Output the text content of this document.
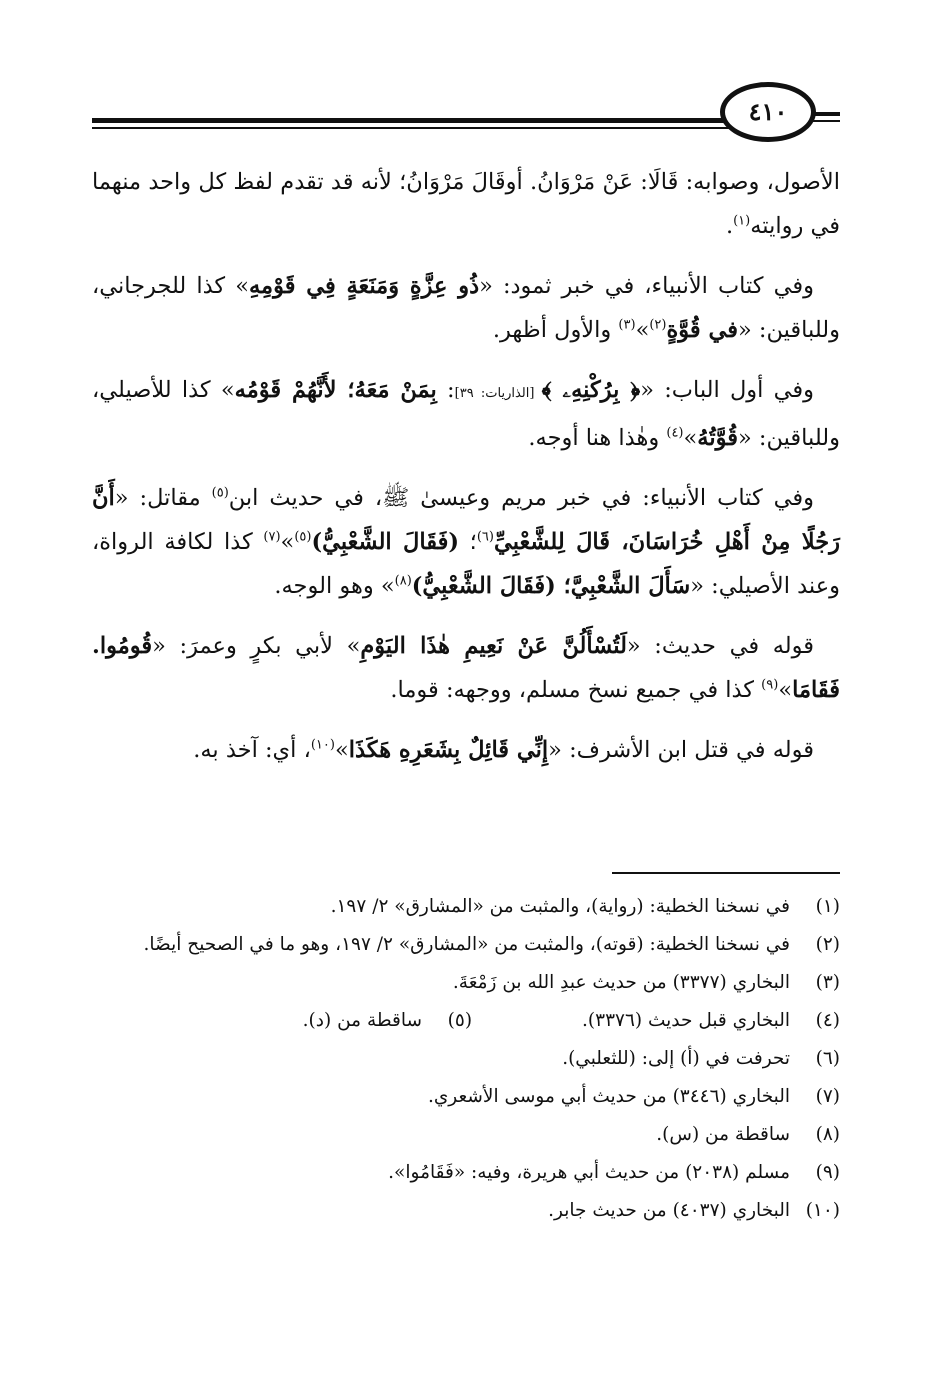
٤١٠

الأصول، وصوابه: قَالَا: عَنْ مَرْوَانُ. أوقَالَ مَرْوَانُ؛ لأنه قد تقدم لفظ كل واحد منهما في روايته$^{(١)}$.

وفي كتاب الأنبياء، في خبر ثمود: «ذُو عِزَّةٍ وَمَنَعَةٍ فِي قَوْمِهِ» كذا للجرجاني، وللباقين: «في قُوَّةٍ$^{(٢)}$»$^{(٣)}$ والأول أظهر.

وفي أول الباب: «﴿ بِرُكْنِهِۦ ﴾ [الذاريات: ٣٩]: بِمَنْ مَعَهُ؛ لأَنَّهُمْ قَوْمُه» كذا للأصيلي، وللباقين: «قُوَّتُهُ»$^{(٤)}$ وهٰذا هنا أوجه.

وفي كتاب الأنبياء: في خبر مريم وعيسىٰ ﷺ، في حديث ابن$^{(٥)}$ مقاتل: «أَنَّ رَجُلًا مِنْ أَهْلِ خُرَاسَانَ، قَالَ لِلشَّعْبِيِّ$^{(٦)}$؛ (فَقَالَ الشَّعْبِيُّ)$^{(٥)}$»$^{(٧)}$ كذا لكافة الرواة، وعند الأصيلي: «سَأَلَ الشَّعْبِيَّ؛ (فَقَالَ الشَّعْبِيُّ)$^{(٨)}$» وهو الوجه.

قوله في حديث: «لَتُسْأَلُنَّ عَنْ نَعِيمِ هٰذَا اليَوْمِ» لأبي بكرٍ وعمرَ: «قُومُوا. فَقَامَا»$^{(٩)}$ كذا في جميع نسخ مسلم، ووجهه: قوما.

قوله في قتل ابن الأشرف: «إِنِّي قَائِلٌ بِشَعَرِهِ هَكَذَا»$^{(١٠)}$، أي: آخذ به.

(١)
في نسخنا الخطية: (رواية)، والمثبت من «المشارق» ٢/ ١٩٧.
(٢)
في نسخنا الخطية: (قوته)، والمثبت من «المشارق» ٢/ ١٩٧، وهو ما في الصحيح أيضًا.
(٣)
البخاري (٣٣٧٧) من حديث عبدِ الله بن زَمْعَةَ.
(٤)
البخاري قبل حديث (٣٣٧٦).
(٥)
ساقطة من (د).
(٦)
تحرفت في (أ) إلى: (للثعلبي).
(٧)
البخاري (٣٤٤٦) من حديث أبي موسى الأشعري.
(٨)
ساقطة من (س).
(٩)
مسلم (٢٠٣٨) من حديث أبي هريرة، وفيه: «فَقَامُوا».
(١٠)
البخاري (٤٠٣٧) من حديث جابر.
